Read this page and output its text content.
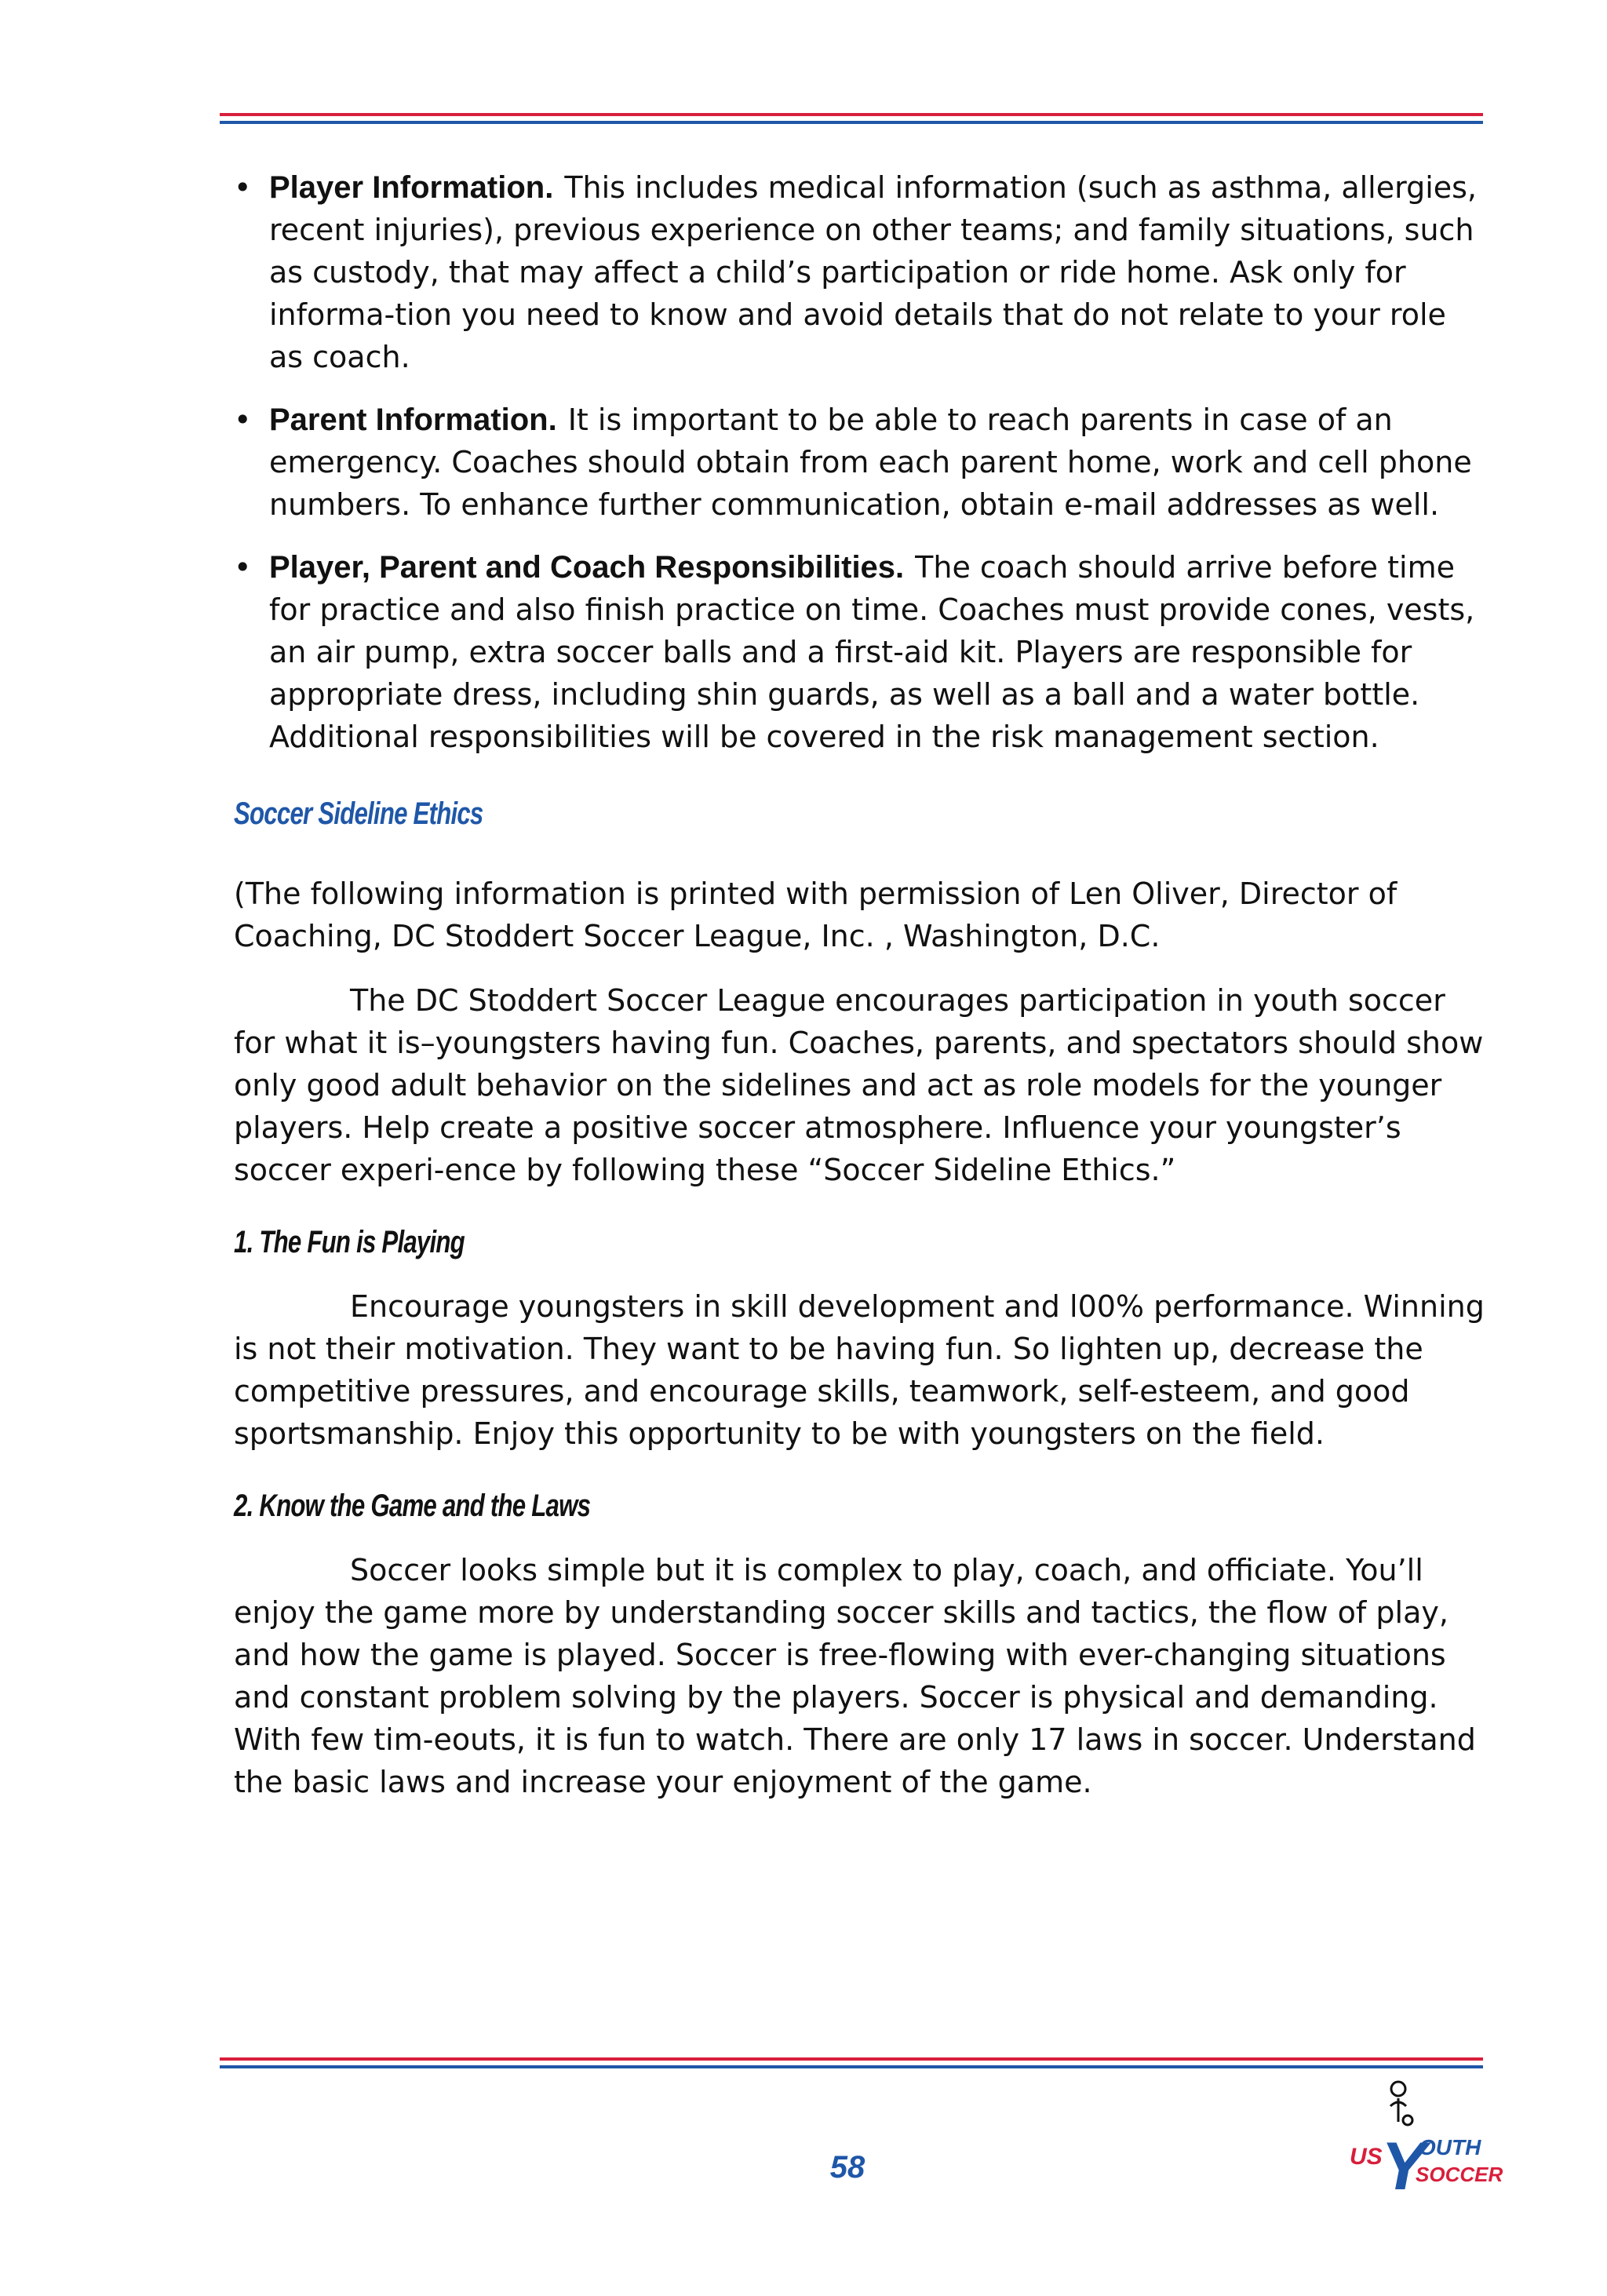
• Player Information. This includes medical information (such as asthma, allergies, recent injuries), previous experience on other teams; and family situations, such as custody, that may affect a child’s participation or ride home. Ask only for informa-tion you need to know and avoid details that do not relate to your role as coach.
• Parent Information. It is important to be able to reach parents in case of an emergency. Coaches should obtain from each parent home, work and cell phone numbers. To enhance further communication, obtain e-mail addresses as well.
• Player, Parent and Coach Responsibilities. The coach should arrive before time for practice and also finish practice on time. Coaches must provide cones, vests, an air pump, extra soccer balls and a first-aid kit. Players are responsible for appropriate dress, including shin guards, as well as a ball and a water bottle. Additional responsibilities will be covered in the risk management section.
Soccer Sideline Ethics

(The following information is printed with permission of Len Oliver, Director of Coaching, DC Stoddert Soccer League, Inc. , Washington, D.C.

The DC Stoddert Soccer League encourages participation in youth soccer for what it is–youngsters having fun. Coaches, parents, and spectators should show only good adult behavior on the sidelines and act as role models for the younger players. Help create a positive soccer atmosphere. Influence your youngster’s soccer experi-ence by following these “Soccer Sideline Ethics.”

1. The Fun is Playing

Encourage youngsters in skill development and l00% performance. Winning is not their motivation. They want to be having fun. So lighten up, decrease the competitive pressures, and encourage skills, teamwork, self-esteem, and good sportsmanship. Enjoy this opportunity to be with youngsters on the field.

2. Know the Game and the Laws

Soccer looks simple but it is complex to play, coach, and officiate. You’ll enjoy the game more by understanding soccer skills and tactics, the flow of play, and how the game is played. Soccer is free-flowing with ever-changing situations and constant problem solving by the players. Soccer is physical and demanding. With few tim-eouts, it is fun to watch. There are only 17 laws in soccer. Understand the basic laws and increase your enjoyment of the game.

58	US
Y
OUTH
SOCCER
